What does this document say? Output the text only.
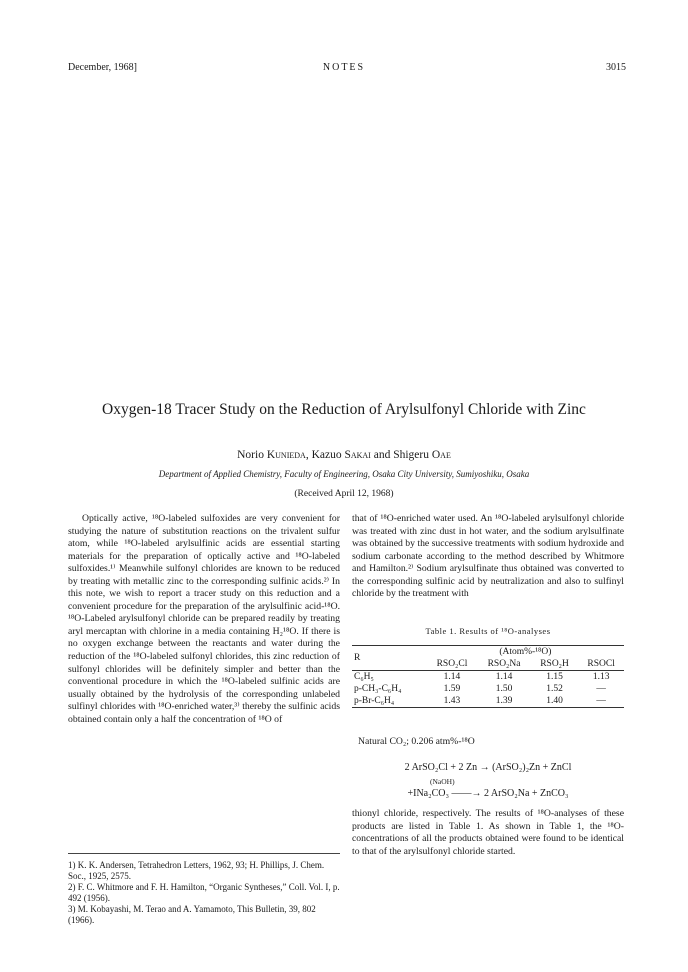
December, 1968]	NOTES	3015
Oxygen-18 Tracer Study on the Reduction of Arylsulfonyl Chloride with Zinc
Norio Kunieda, Kazuo Sakai and Shigeru Oae
Department of Applied Chemistry, Faculty of Engineering, Osaka City University, Sumiyoshiku, Osaka
(Received April 12, 1968)

Optically active, ¹⁸O-labeled sulfoxides are very convenient for studying the nature of substitution reactions on the trivalent sulfur atom, while ¹⁸O-labeled arylsulfinic acids are essential starting materials for the preparation of optically active and ¹⁸O-labeled sulfoxides.¹⁾ Meanwhile sulfonyl chlorides are known to be reduced by treating with metallic zinc to the corresponding sulfinic acids.²⁾ In this note, we wish to report a tracer study on this reduction and a convenient procedure for the preparation of the arylsulfinic acid-¹⁸O. ¹⁸O-Labeled arylsulfonyl chloride can be prepared readily by treating aryl mercaptan with chlorine in a media containing H₂¹⁸O. If there is no oxygen exchange between the reactants and water during the reduction of the ¹⁸O-labeled sulfonyl chlorides, this zinc reduction of sulfonyl chlorides will be definitely simpler and better than the conventional procedure in which the ¹⁸O-labeled sulfinic acids are usually obtained by the hydrolysis of the corresponding unlabeled sulfinyl chlorides with ¹⁸O-enriched water,³⁾ thereby the sulfinic acids obtained contain only a half the concentration of ¹⁸O of

that of ¹⁸O-enriched water used. An ¹⁸O-labeled arylsulfonyl chloride was treated with zinc dust in hot water, and the sodium arylsulfinate was obtained by the successive treatments with sodium hydroxide and sodium carbonate according to the method described by Whitmore and Hamilton.²⁾ Sodium arylsulfinate thus obtained was converted to the corresponding sulfinic acid by neutralization and also to sulfinyl chloride by the treatment with

1) K. K. Andersen, Tetrahedron Letters, 1962, 93; H. Phillips, J. Chem. Soc., 1925, 2575.

2) F. C. Whitmore and F. H. Hamilton, “Organic Syntheses,” Coll. Vol. I, p. 492 (1956).

3) M. Kobayashi, M. Terao and A. Yamamoto, This Bulletin, 39, 802 (1966).

Table 1. Results of ¹⁸O-analyses
R	(Atom%-¹⁸O)			
	RSO₂Cl	RSO₂Na	RSO₂H	RSOCl
C₆H₅	1.14	1.14	1.15	1.13
p-CH₃-C₆H₄	1.59	1.50	1.52	—
p-Br-C₆H₄	1.43	1.39	1.40	—
Natural CO₂; 0.206 atm%-¹⁸O
2 ArSO₂Cl + 2 Zn → (ArSO₂)₂Zn + ZnCl
(NaOH)
+INa₂CO₃ ——→ 2 ArSO₂Na + ZnCO₃

thionyl chloride, respectively. The results of ¹⁸O-analyses of these products are listed in Table 1. As shown in Table 1, the ¹⁸O-concentrations of all the products obtained were found to be identical to that of the arylsulfonyl chloride started.
